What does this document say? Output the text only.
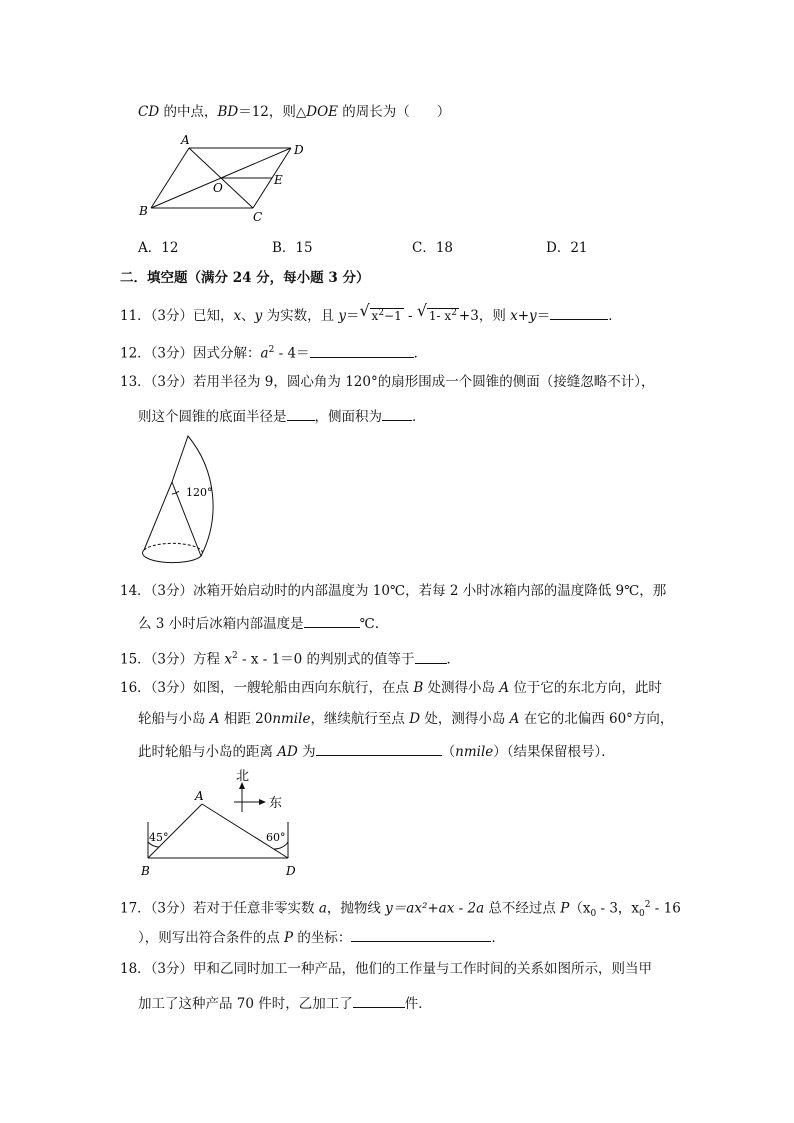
CD 的中点，BD＝12，则△DOE 的周长为（　　）
A
D
O
E
B	C
A．12	B．15	C．18	D．21
二．填空题（满分 24 分，每小题 3 分）
11．（3分）已知，x、y 为实数，且 y＝ √ $x^2-1$ - √ 1- $x^2 +3$，则 x+y＝	．
12．（3分）因式分解：$a^2 - 4=$	．
13．（3分）若用半径为 9，圆心角为 120°的扇形围成一个圆锥的侧面（接缝忽略不计），
则这个圆锥的底面半径是 ，侧面积为 ．
120°
14．（3分）冰箱开始启动时的内部温度为 10℃，若每 2 小时冰箱内部的温度降低 9℃，那
么 3 小时后冰箱内部温度是	℃.
15．（3分）方程 $x^2 - x - 1=0$ 的判别式的值等于 ．
16．（3分）如图，一艘轮船由西向东航行，在点 B 处测得小岛 A 位于它的东北方向，此时
轮船与小岛 A 相距 20nmile，继续航行至点 D 处，测得小岛 A 在它的北偏西 60°方向，
此时轮船与小岛的距离 AD 为	（nmile）（结果保留根号）．
45°	60°
A
B	D
北
东
17．（3分）若对于任意非零实数 a，抛物线 y＝ax²+ax - 2a 总不经过点 $P(x_0 - 3$，$x_0^2 - 16$
），则写出符合条件的点 P 的坐标：	．
18．（3分）甲和乙同时加工一种产品，他们的工作量与工作时间的关系如图所示，则当甲
加工了这种产品 70 件时，乙加工了	件．
